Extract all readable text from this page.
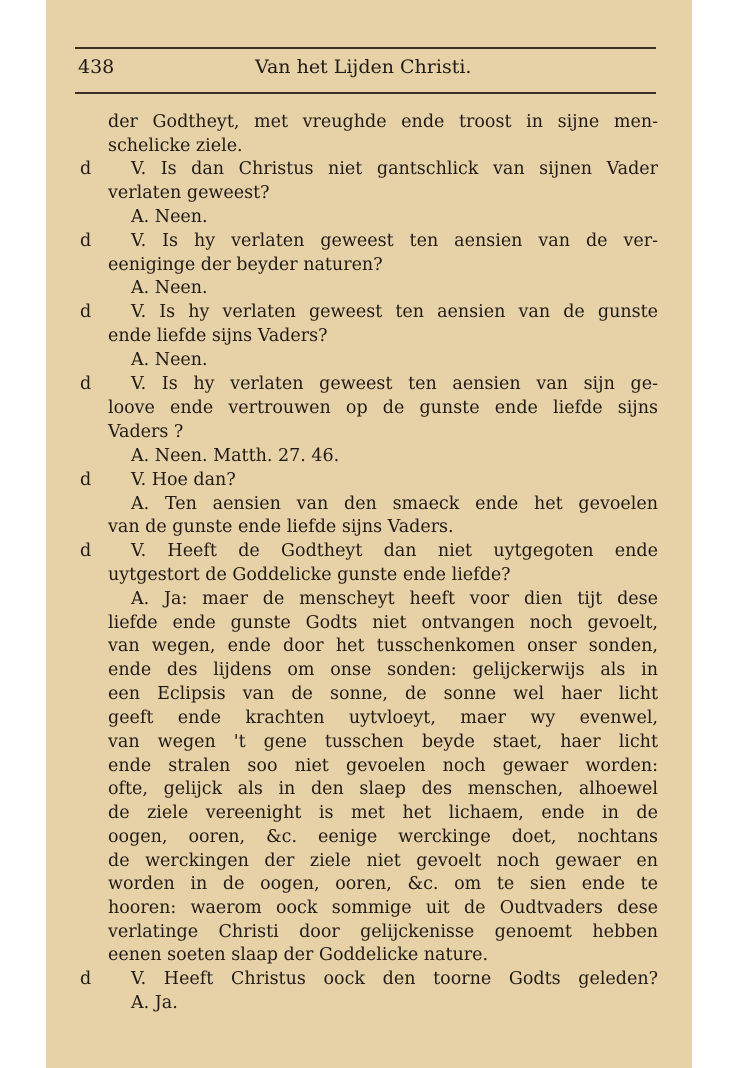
438	Van het Lijden Christi.
d
d
d
d
d
d
d
der Godtheyt, met vreughde ende troost in sijne men-
schelicke ziele.
V. Is dan Christus niet gantschlick van sijnen Vader
verlaten geweest?
A. Neen.
V. Is hy verlaten geweest ten aensien van de ver-
eeniginge der beyder naturen?
A. Neen.
V. Is hy verlaten geweest ten aensien van de gunste
ende liefde sijns Vaders?
A. Neen.
V. Is hy verlaten geweest ten aensien van sijn ge-
loove ende vertrouwen op de gunste ende liefde sijns
Vaders ?
A. Neen. Matth. 27. 46.
V. Hoe dan?
A. Ten aensien van den smaeck ende het gevoelen
van de gunste ende liefde sijns Vaders.
V. Heeft de Godtheyt dan niet uytgegoten ende
uytgestort de Goddelicke gunste ende liefde?
A. Ja: maer de menscheyt heeft voor dien tijt dese
liefde ende gunste Godts niet ontvangen noch gevoelt,
van wegen, ende door het tusschenkomen onser sonden,
ende des lijdens om onse sonden: gelijckerwijs als in
een Eclipsis van de sonne, de sonne wel haer licht
geeft ende krachten uytvloeyt, maer wy evenwel,
van wegen 't gene tusschen beyde staet, haer licht
ende stralen soo niet gevoelen noch gewaer worden:
ofte, gelijck als in den slaep des menschen, alhoewel
de ziele vereenight is met het lichaem, ende in de
oogen, ooren, &c. eenige werckinge doet, nochtans
de werckingen der ziele niet gevoelt noch gewaer en
worden in de oogen, ooren, &c. om te sien ende te
hooren: waerom oock sommige uit de Oudtvaders dese
verlatinge Christi door gelijckenisse genoemt hebben
eenen soeten slaap der Goddelicke nature.
V. Heeft Christus oock den toorne Godts geleden?
A. Ja.
